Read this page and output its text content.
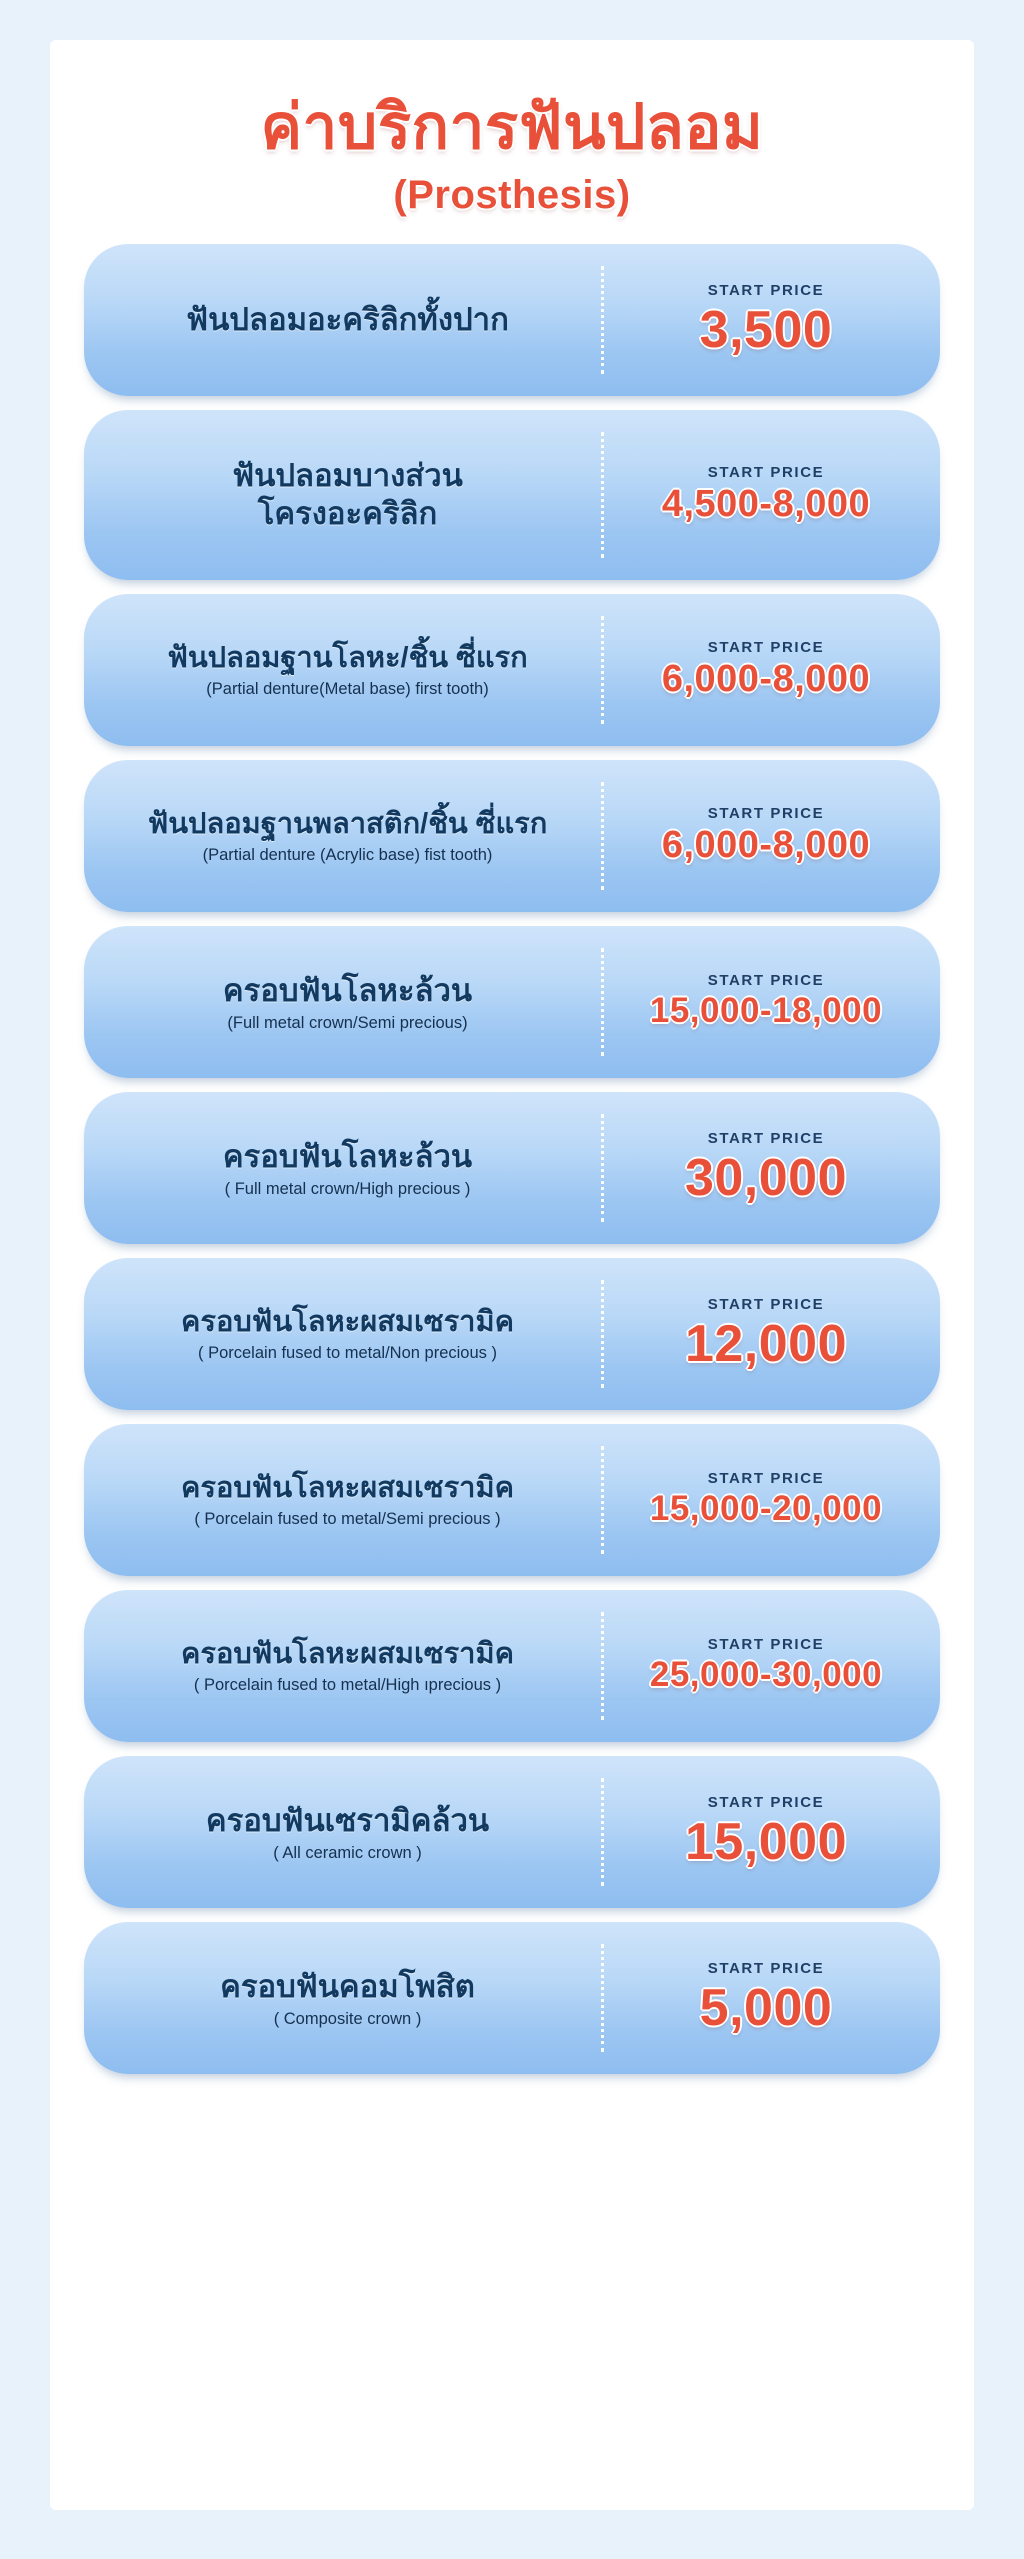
ค่าบริการฟันปลอม
(Prosthesis)
ฟันปลอมอะคริลิกทั้งปาก
START PRICE
3,500
ฟันปลอมบางส่วน
โครงอะคริลิก
START PRICE
4,500-8,000
ฟันปลอมฐานโลหะ/ชิ้น ซี่แรก
(Partial denture(Metal base) first tooth)
START PRICE
6,000-8,000
ฟันปลอมฐานพลาสติก/ชิ้น ซี่แรก
(Partial denture (Acrylic base) fist tooth)
START PRICE
6,000-8,000
ครอบฟันโลหะล้วน
(Full metal crown/Semi precious)
START PRICE
15,000-18,000
ครอบฟันโลหะล้วน
( Full metal crown/High precious )
START PRICE
30,000
ครอบฟันโลหะผสมเซรามิค
( Porcelain fused to metal/Non precious )
START PRICE
12,000
ครอบฟันโลหะผสมเซรามิค
( Porcelain fused to metal/Semi precious )
START PRICE
15,000-20,000
ครอบฟันโลหะผสมเซรามิค
( Porcelain fused to metal/High ıprecious )
START PRICE
25,000-30,000
ครอบฟันเซรามิคล้วน
( All ceramic crown )
START PRICE
15,000
ครอบฟันคอมโพสิต
( Composite crown )
START PRICE
5,000
